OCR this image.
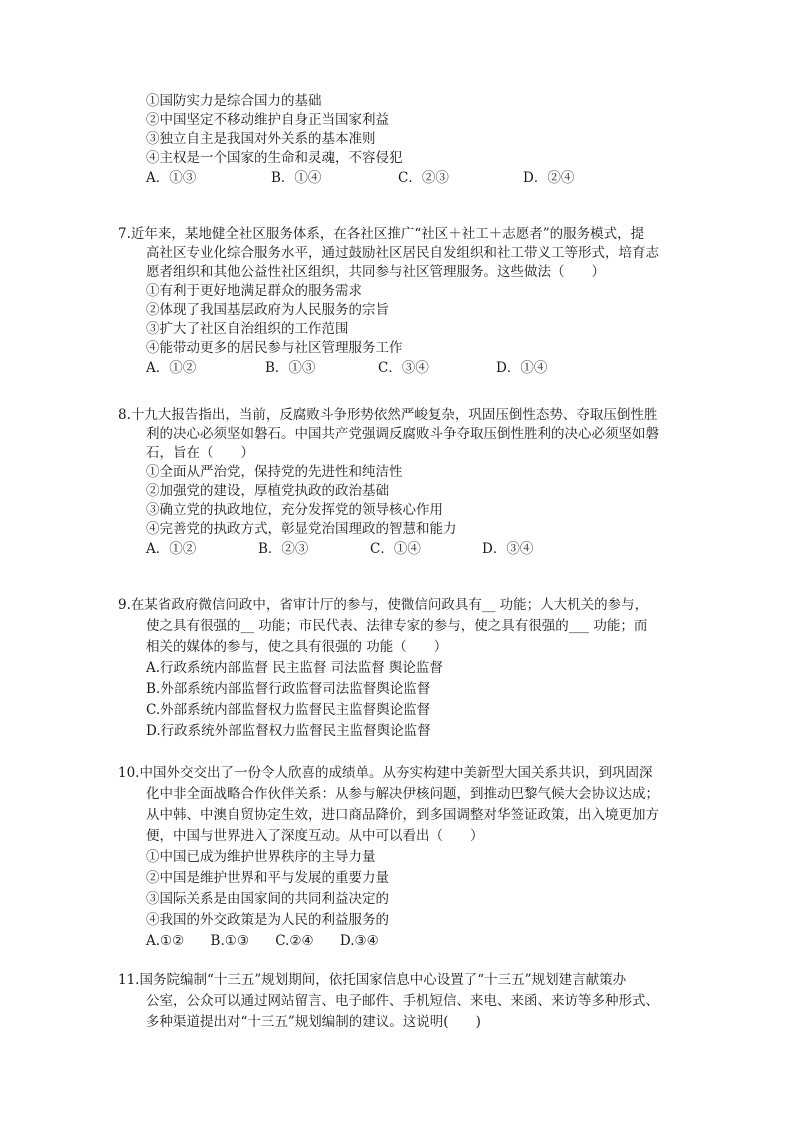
①国防实力是综合国力的基础
②中国坚定不移动维护自身正当国家利益
③独立自主是我国对外关系的基本准则
④主权是一个国家的生命和灵魂，不容侵犯
A．①③	B．①④	C．②③	D．②④
7.近年来，某地健全社区服务体系，在各社区推广“社区＋社工＋志愿者”的服务模式，提
高社区专业化综合服务水平，通过鼓励社区居民自发组织和社工带义工等形式，培育志
愿者组织和其他公益性社区组织，共同参与社区管理服务。这些做法（　　）
①有利于更好地满足群众的服务需求
②体现了我国基层政府为人民服务的宗旨
③扩大了社区自治组织的工作范围
④能带动更多的居民参与社区管理服务工作
A．①②	B．①③	C．③④	D．①④
8.十九大报告指出，当前，反腐败斗争形势依然严峻复杂，巩固压倒性态势、夺取压倒性胜
利的决心必须坚如磐石。中国共产党强调反腐败斗争夺取压倒性胜利的决心必须坚如磐
石，旨在（　　）
①全面从严治党，保持党的先进性和纯洁性
②加强党的建设，厚植党执政的政治基础
③确立党的执政地位，充分发挥党的领导核心作用
④完善党的执政方式，彰显党治国理政的智慧和能力
A．①②	B．②③	C．①④	D．③④
9.在某省政府微信问政中，省审计厅的参与，使微信问政具有__ 功能；人大机关的参与，
使之具有很强的__ 功能；市民代表、法律专家的参与，使之具有很强的___ 功能；而
相关的媒体的参与，使之具有很强的 功能（　　）
A.行政系统内部监督 民主监督 司法监督 舆论监督
B.外部系统内部监督行政监督司法监督舆论监督
C.外部系统内部监督权力监督民主监督舆论监督
D.行政系统外部监督权力监督民主监督舆论监督
10.中国外交交出了一份令人欣喜的成绩单。从夯实构建中美新型大国关系共识，到巩固深
化中非全面战略合作伙伴关系：从参与解决伊核问题，到推动巴黎气候大会协议达成；
从中韩、中澳自贸协定生效，进口商品降价，到多国调整对华签证政策，出入境更加方
便，中国与世界进入了深度互动。从中可以看出（　　）
①中国已成为维护世界秩序的主导力量
②中国是维护世界和平与发展的重要力量
③国际关系是由国家间的共同利益决定的
④我国的外交政策是为人民的利益服务的
A.①② B.①③ C.②④ D.③④
11.国务院编制“十三五”规划期间，依托国家信息中心设置了“十三五”规划建言献策办
公室，公众可以通过网站留言、电子邮件、手机短信、来电、来函、来访等多种形式、
多种渠道提出对“十三五”规划编制的建议。这说明(　　)
